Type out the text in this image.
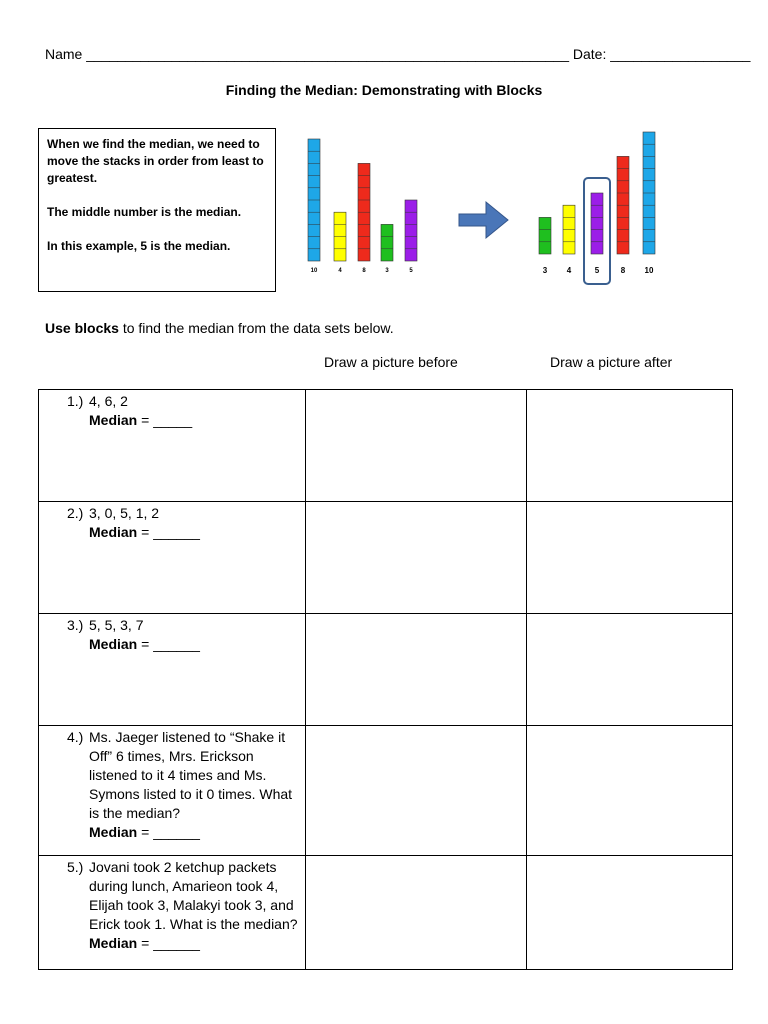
Name ______________________________________________________________ Date: __________________
Finding the Median: Demonstrating with Blocks

When we find the median, we need to move the stacks in order from least to greatest.

The middle number is the median.

In this example, 5 is the median.

10	4	8	3	5	3 4	5	8 10
Use blocks to find the median from the data sets below.
Draw a picture before	Draw a picture after
1.) 4, 6, 2
Median = _____		

2.) 3, 0, 5, 1, 2
Median = ______		

3.) 5, 5, 3, 7
Median = ______		

4.) Ms. Jaeger listened to “Shake it Off” 6 times, Mrs. Erickson listened to it 4 times and Ms. Symons listed to it 0 times. What is the median?
Median = ______		

5.) Jovani took 2 ketchup packets during lunch, Amarieon took 4, Elijah took 3, Malakyi took 3, and Erick took 1. What is the median?
Median = ______		
